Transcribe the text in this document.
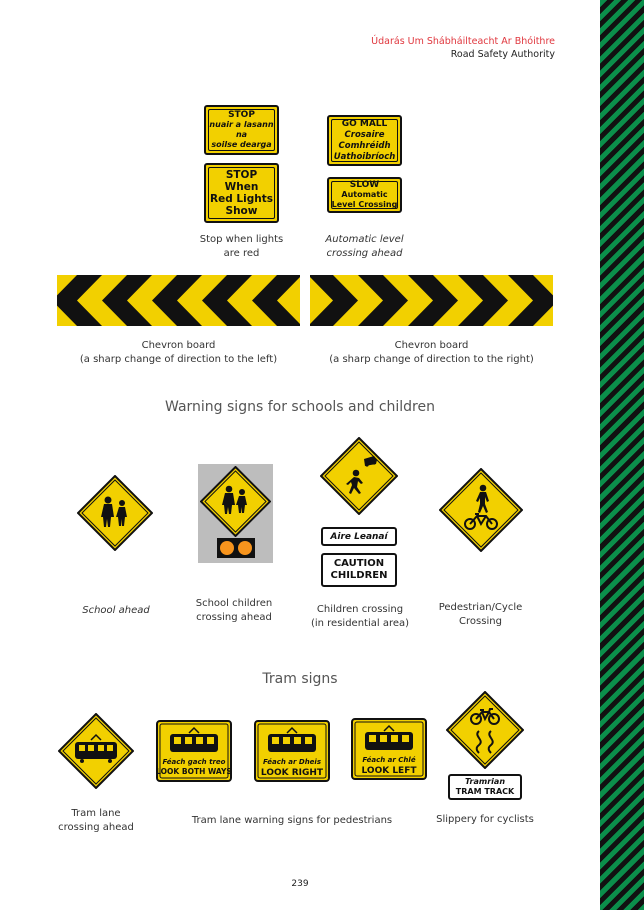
Údarás Um Shábháilteacht Ar Bhóithre
Road Safety Authority
STOP
nuair a lasann
na
soilse dearga
STOP
When
Red Lights
Show
GO MALL
Crosaire
Comhréidh
Uathoibríoch
SLOW
Automatic
Level Crossing
Stop when lights
are red
Automatic level
crossing ahead
Chevron board
(a sharp change of direction to the left)
Chevron board
(a sharp change of direction to the right)
Warning signs for schools and children
Aire Leanaí
CAUTION
CHILDREN
School ahead
School children
crossing ahead
Children crossing
(in residential area)
Pedestrian/Cycle
Crossing
Tram signs
Féach gach treo
LOOK BOTH WAYS
Féach ar Dheis
LOOK RIGHT
Féach ar Chlé
LOOK LEFT
Tramrian
TRAM TRACK
Tram lane
crossing ahead
Tram lane warning signs for pedestrians	Slippery for cyclists
239
